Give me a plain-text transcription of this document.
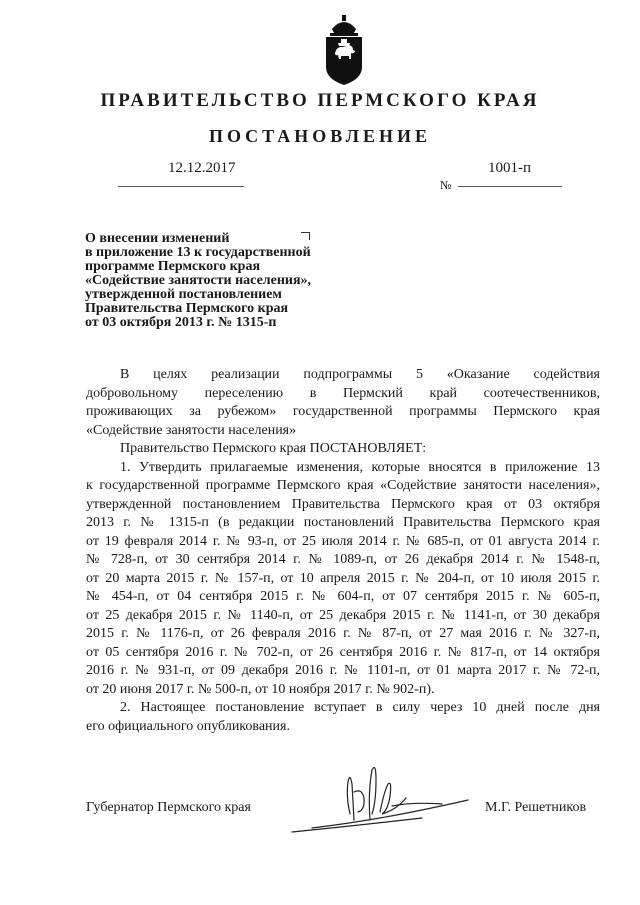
ПРАВИТЕЛЬСТВО ПЕРМСКОГО КРАЯ
ПОСТАНОВЛЕНИЕ
12.12.2017
№
1001-п
О внесении изменений
в приложение 13 к государственной
программе Пермского края
«Содействие занятости населения»,
утвержденной постановлением
Правительства Пермского края
от 03 октября 2013 г. № 1315-п
В целях реализации подпрограммы 5 «Оказание содействия
добровольному переселению в Пермский край соотечественников,
проживающих за рубежом» государственной программы Пермского края
«Содействие занятости населения»
Правительство Пермского края ПОСТАНОВЛЯЕТ:
1. Утвердить прилагаемые изменения, которые вносятся в приложение 13
к государственной программе Пермского края «Содействие занятости населения»,
утвержденной постановлением Правительства Пермского края от 03 октября
2013 г. № 1315-п (в редакции постановлений Правительства Пермского края
от 19 февраля 2014 г. № 93-п, от 25 июля 2014 г. № 685-п, от 01 августа 2014 г.
№ 728-п, от 30 сентября 2014 г. № 1089-п, от 26 декабря 2014 г. № 1548-п,
от 20 марта 2015 г. № 157-п, от 10 апреля 2015 г. № 204-п, от 10 июля 2015 г.
№ 454-п, от 04 сентября 2015 г. № 604-п, от 07 сентября 2015 г. № 605-п,
от 25 декабря 2015 г. № 1140-п, от 25 декабря 2015 г. № 1141-п, от 30 декабря
2015 г. № 1176-п, от 26 февраля 2016 г. № 87-п, от 27 мая 2016 г. № 327-п,
от 05 сентября 2016 г. № 702-п, от 26 сентября 2016 г. № 817-п, от 14 октября
2016 г. № 931-п, от 09 декабря 2016 г. № 1101-п, от 01 марта 2017 г. № 72-п,
от 20 июня 2017 г. № 500-п, от 10 ноября 2017 г. № 902-п).
2. Настоящее постановление вступает в силу через 10 дней после дня
его официального опубликования.
Губернатор Пермского края	М.Г. Решетников
